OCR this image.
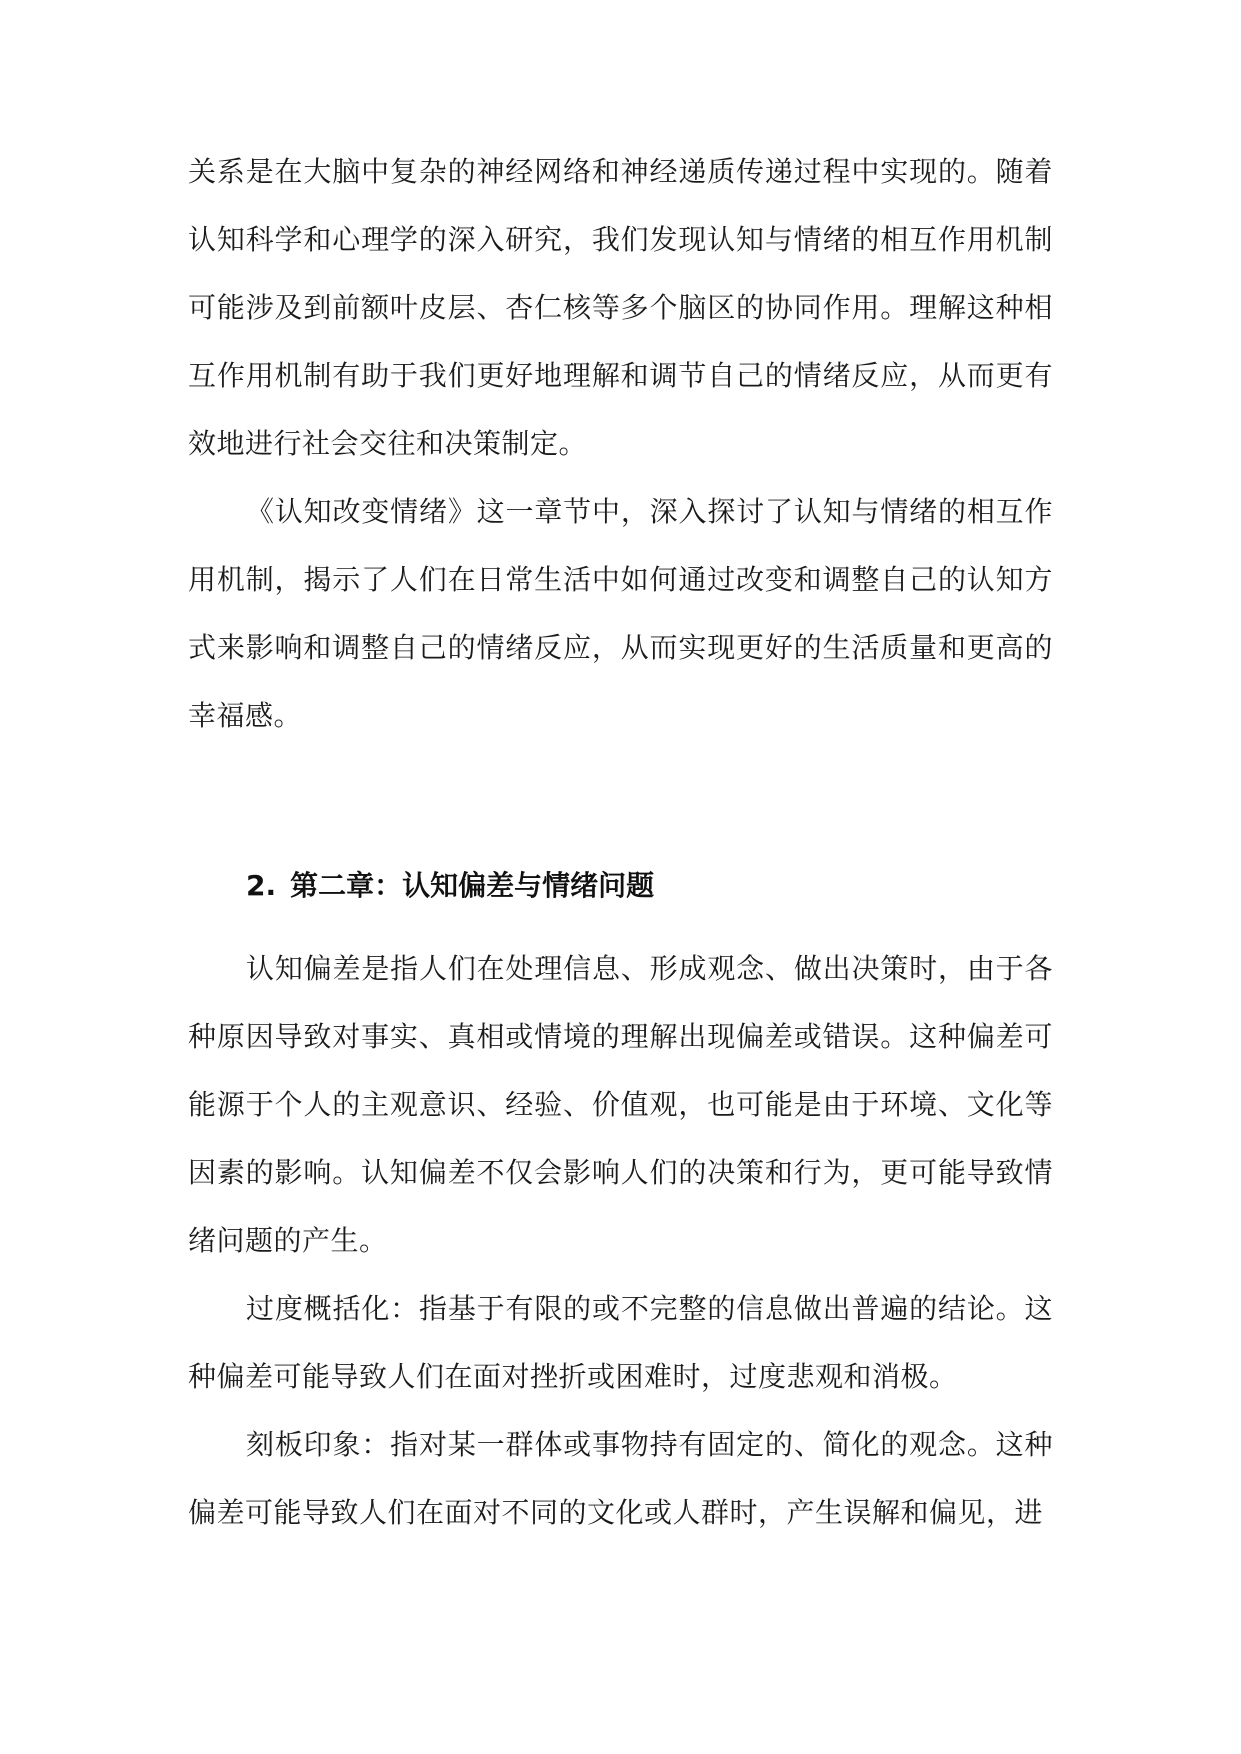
关系是在大脑中复杂的神经网络和神经递质传递过程中实现的。随着认知科学和心理学的深入研究，我们发现认知与情绪的相互作用机制可能涉及到前额叶皮层、杏仁核等多个脑区的协同作用。理解这种相互作用机制有助于我们更好地理解和调节自己的情绪反应，从而更有效地进行社会交往和决策制定。

《认知改变情绪》这一章节中，深入探讨了认知与情绪的相互作用机制，揭示了人们在日常生活中如何通过改变和调整自己的认知方式来影响和调整自己的情绪反应，从而实现更好的生活质量和更高的幸福感。

2. 第二章：认知偏差与情绪问题

认知偏差是指人们在处理信息、形成观念、做出决策时，由于各种原因导致对事实、真相或情境的理解出现偏差或错误。这种偏差可能源于个人的主观意识、经验、价值观，也可能是由于环境、文化等因素的影响。认知偏差不仅会影响人们的决策和行为，更可能导致情绪问题的产生。

过度概括化：指基于有限的或不完整的信息做出普遍的结论。这种偏差可能导致人们在面对挫折或困难时，过度悲观和消极。

刻板印象：指对某一群体或事物持有固定的、简化的观念。这种偏差可能导致人们在面对不同的文化或人群时，产生误解和偏见，进
